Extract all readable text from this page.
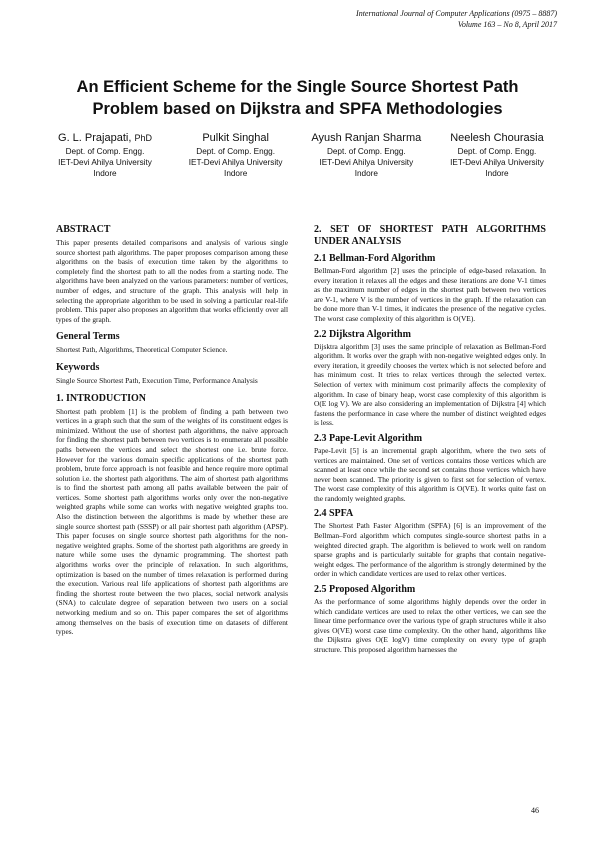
International Journal of Computer Applications (0975 – 8887)
Volume 163 – No 8, April 2017
An Efficient Scheme for the Single Source Shortest Path
Problem based on Dijkstra and SPFA Methodologies
G. L. Prajapati, PhD
Dept. of Comp. Engg.
IET-Devi Ahilya University
Indore
Pulkit Singhal
Dept. of Comp. Engg.
IET-Devi Ahilya University
Indore
Ayush Ranjan Sharma
Dept. of Comp. Engg.
IET-Devi Ahilya University
Indore
Neelesh Chourasia
Dept. of Comp. Engg.
IET-Devi Ahilya University
Indore
ABSTRACT

This paper presents detailed comparisons and analysis of various single source shortest path algorithms. The paper proposes comparison among these algorithms on the basis of execution time taken by the algorithms to completely find the shortest path to all the nodes from a starting node. The algorithms have been analyzed on the various parameters: number of vertices, number of edges, and structure of the graph. This analysis will help in selecting the appropriate algorithm to be used in solving a particular real-life problem. This paper also proposes an algorithm that works efficiently over all types of the graph.

General Terms

Shortest Path, Algorithms, Theoretical Computer Science.

Keywords

Single Source Shortest Path, Execution Time, Performance Analysis

1. INTRODUCTION

Shortest path problem [1] is the problem of finding a path between two vertices in a graph such that the sum of the weights of its constituent edges is minimized. Without the use of shortest path algorithms, the naive approach for finding the shortest path between two vertices is to enumerate all possible paths between the vertices and select the shortest one i.e. brute force. However for the various domain specific applications of the shortest path problem, brute force approach is not feasible and hence require more optimal solution i.e. the shortest path algorithms. The aim of shortest path algorithms is to find the shortest path among all paths available between the pair of vertices. Some shortest path algorithms works only over the non-negative weighted graphs while some can works with negative weighted graphs too. Also the distinction between the algorithms is made by whether these are single source shortest path (SSSP) or all pair shortest path algorithm (APSP). This paper focuses on single source shortest path algorithms for the non-negative weighted graphs. Some of the shortest path algorithms are greedy in nature while some uses the dynamic programming. The shortest path algorithms works over the principle of relaxation. In such algorithms, optimization is based on the number of times relaxation is performed during the execution. Various real life applications of shortest path algorithms are finding the shortest route between the two places, social network analysis (SNA) to calculate degree of separation between two users on a social networking medium and so on. This paper compares the set of algorithms among themselves on the basis of execution time on datasets of different types.

2. SET OF SHORTEST PATH ALGORITHMS UNDER ANALYSIS
2.1 Bellman-Ford Algorithm

Bellman-Ford algorithm [2] uses the principle of edge-based relaxation. In every iteration it relaxes all the edges and these iterations are done V-1 times as the maximum number of edges in the shortest path between two vertices are V-1, where V is the number of vertices in the graph. If the relaxation can be done more than V-1 times, it indicates the presence of the negative cycles. The worst case complexity of this algorithm is O(VE).

2.2 Dijkstra Algorithm

Dijsktra algorithm [3] uses the same principle of relaxation as Bellman-Ford algorithm. It works over the graph with non-negative weighted edges only. In every iteration, it greedily chooses the vertex which is not selected before and has minimum cost. It tries to relax vertices through the selected vertex. Selection of vertex with minimum cost primarily affects the complexity of algorithm. In case of binary heap, worst case complexity of this algorithm is O(E log V). We are also considering an implementation of Dijkstra [4] which fastens the performance in case where the number of distinct weighted edges is less.

2.3 Pape-Levit Algorithm

Pape-Levit [5] is an incremental graph algorithm, where the two sets of vertices are maintained. One set of vertices contains those vertices which are scanned at least once while the second set contains those vertices which have never been scanned. The priority is given to first set for selection of vertex. The worst case complexity of this algorithm is O(VE). It works quite fast on the randomly weighted graphs.

2.4 SPFA

The Shortest Path Faster Algorithm (SPFA) [6] is an improvement of the Bellman–Ford algorithm which computes single-source shortest paths in a weighted directed graph. The algorithm is believed to work well on random sparse graphs and is particularly suitable for graphs that contain negative-weight edges. The performance of the algorithm is strongly determined by the order in which candidate vertices are used to relax other vertices.

2.5 Proposed Algorithm

As the performance of some algorithms highly depends over the order in which candidate vertices are used to relax the other vertices, we can see the linear time performance over the various type of graph structures while it also gives O(VE) worst case time complexity. On the other hand, algorithms like the Dijkstra gives O(E logV) time complexity on every type of graph structure. This proposed algorithm harnesses the

46
